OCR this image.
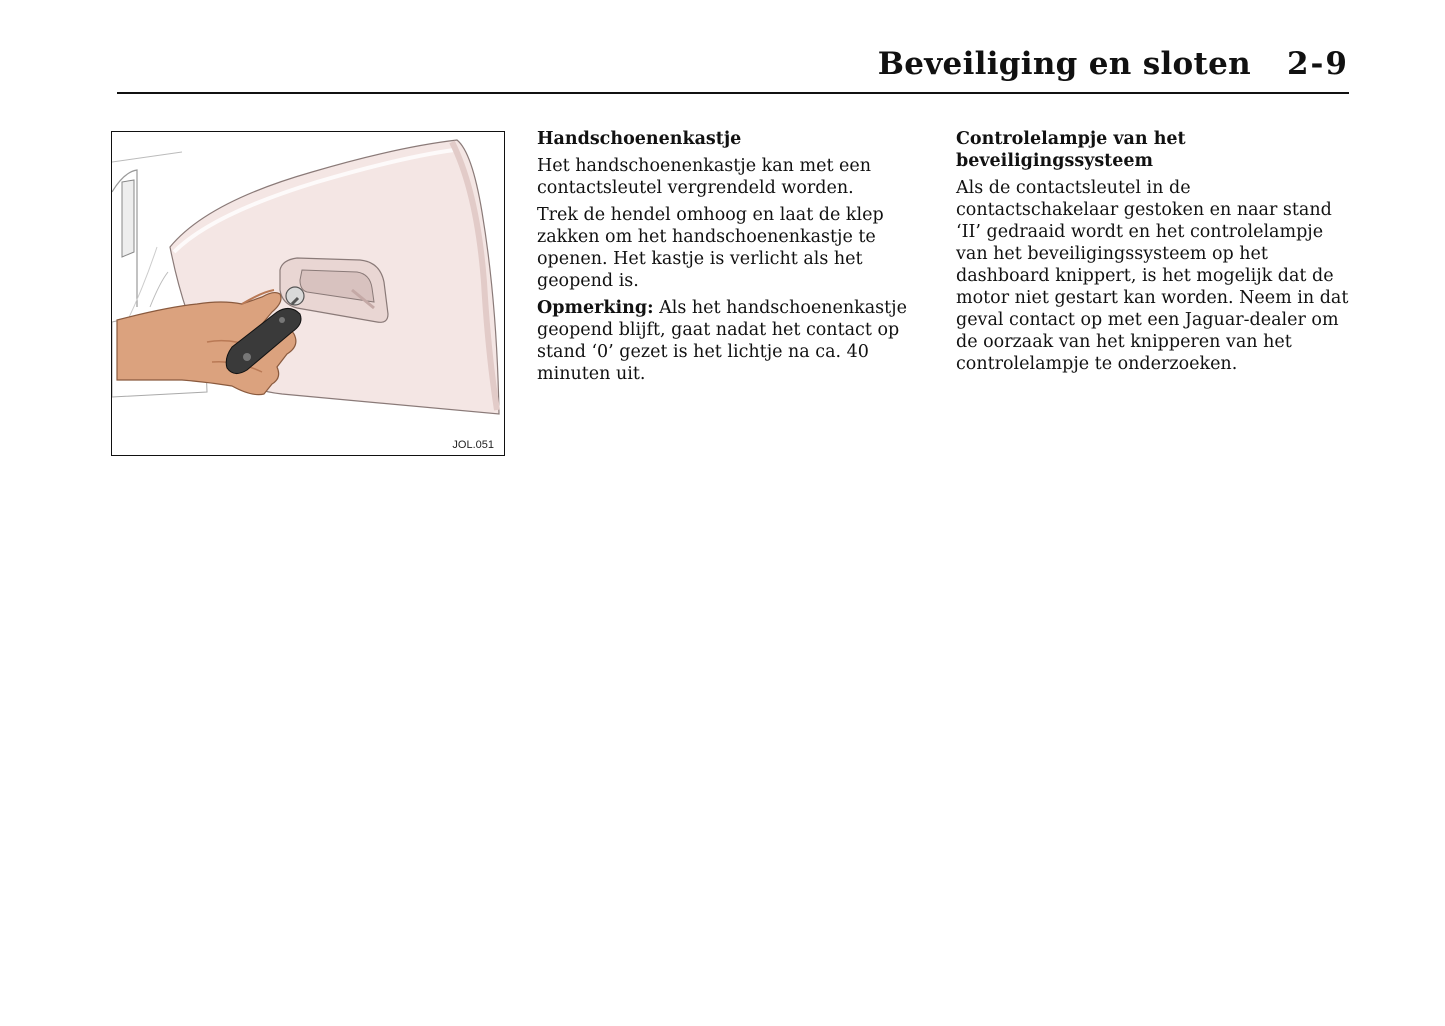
Beveiliging en sloten 2-9
JOL.051
Handschoenenkastje

Het handschoenenkastje kan met een contactsleutel vergrendeld worden.

Trek de hendel omhoog en laat de klep zakken om het handschoenenkastje te openen. Het kastje is verlicht als het geopend is.

Opmerking: Als het handschoenenkastje geopend blijft, gaat nadat het contact op stand ‘0’ gezet is het lichtje na ca. 40 minuten uit.

Controlelampje van het
beveiligingssysteem

Als de contactsleutel in de contactschakelaar gestoken en naar stand ‘II’ gedraaid wordt en het controlelampje van het beveiligingssysteem op het dashboard knippert, is het mogelijk dat de motor niet gestart kan worden. Neem in dat geval contact op met een Jaguar-dealer om de oorzaak van het knipperen van het controlelampje te onderzoeken.
